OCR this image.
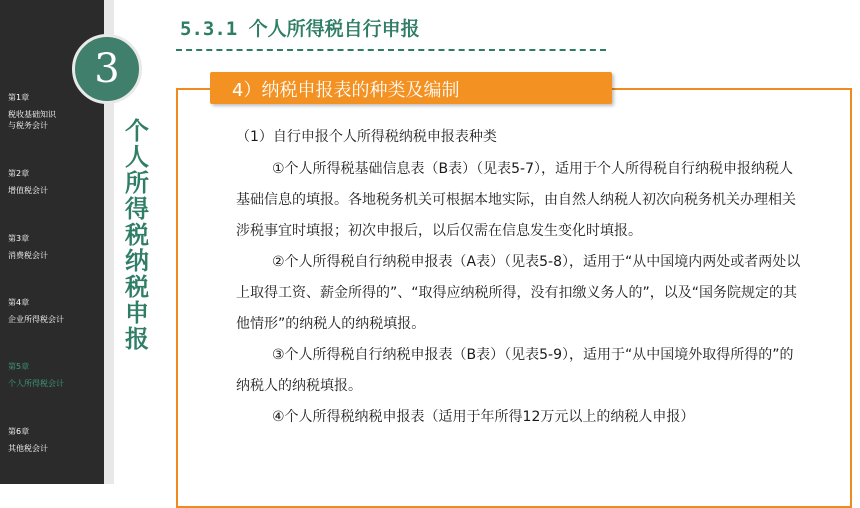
第1章
税收基础知识
与税务会计
第2章
增值税会计
第3章
消费税会计
第4章
企业所得税会计
第5章
个人所得税会计
第6章
其他税会计
3
个人所得税纳税申报
5.3.1 个人所得税自行申报
4）纳税申报表的种类及编制

（1）自行申报个人所得税纳税申报表种类

①个人所得税基础信息表（B表）（见表5-7），适用于个人所得税自行纳税申报纳税人基础信息的填报。各地税务机关可根据本地实际，由自然人纳税人初次向税务机关办理相关涉税事宜时填报；初次申报后，以后仅需在信息发生变化时填报。

②个人所得税自行纳税申报表（A表）（见表5-8），适用于“从中国境内两处或者两处以上取得工资、薪金所得的”、“取得应纳税所得，没有扣缴义务人的”，以及“国务院规定的其他情形”的纳税人的纳税填报。

③个人所得税自行纳税申报表（B表）（见表5-9），适用于“从中国境外取得所得的”的纳税人的纳税填报。

④个人所得税纳税申报表（适用于年所得12万元以上的纳税人申报）
